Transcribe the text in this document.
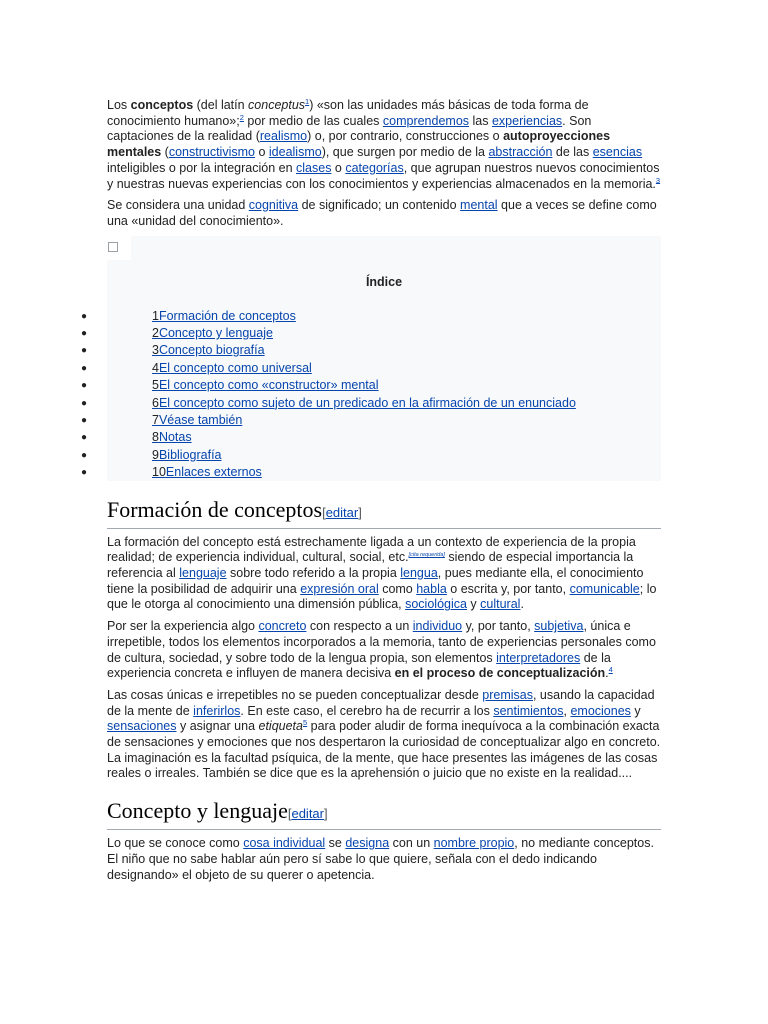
Los conceptos (del latín conceptus$^1$) «son las unidades más básicas de toda forma de conocimiento humano»;$^2$ por medio de las cuales comprendemos las experiencias. Son captaciones de la realidad (realismo) o, por contrario, construcciones o autoproyecciones mentales (constructivismo o idealismo), que surgen por medio de la abstracción de las esencias inteligibles o por la integración en clases o categorías, que agrupan nuestros nuevos conocimientos y nuestras nuevas experiencias con los conocimientos y experiencias almacenados en la memoria.$^3$

Se considera una unidad cognitiva de significado; un contenido mental que a veces se define como una «unidad del conocimiento».

Índice
●	1Formación de conceptos
●	2Concepto y lenguaje
●	3Concepto biografía
●	4El concepto como universal
●	5El concepto como «constructor» mental
●	6El concepto como sujeto de un predicado en la afirmación de un enunciado
●	7Véase también
●	8Notas
●	9Bibliografía
●	10Enlaces externos
Formación de conceptos[editar]

La formación del concepto está estrechamente ligada a un contexto de experiencia de la propia realidad; de experiencia individual, cultural, social, etc.[cita requerida] siendo de especial importancia la referencia al lenguaje sobre todo referido a la propia lengua, pues mediante ella, el conocimiento tiene la posibilidad de adquirir una expresión oral como habla o escrita y, por tanto, comunicable; lo que le otorga al conocimiento una dimensión pública, sociológica y cultural.

Por ser la experiencia algo concreto con respecto a un individuo y, por tanto, subjetiva, única e irrepetible, todos los elementos incorporados a la memoria, tanto de experiencias personales como de cultura, sociedad, y sobre todo de la lengua propia, son elementos interpretadores de la experiencia concreta e influyen de manera decisiva en el proceso de conceptualización.$^4$

Las cosas únicas e irrepetibles no se pueden conceptualizar desde premisas, usando la capacidad de la mente de inferirlos. En este caso, el cerebro ha de recurrir a los sentimientos, emociones y sensaciones y asignar una etiqueta$^5$ para poder aludir de forma inequívoca a la combinación exacta de sensaciones y emociones que nos despertaron la curiosidad de conceptualizar algo en concreto. La imaginación es la facultad psíquica, de la mente, que hace presentes las imágenes de las cosas reales o irreales. También se dice que es la aprehensión o juicio que no existe en la realidad....

Concepto y lenguaje[editar]

Lo que se conoce como cosa individual se designa con un nombre propio, no mediante conceptos. El niño que no sabe hablar aún pero sí sabe lo que quiere, señala con el dedo indicando designando» el objeto de su querer o apetencia.
